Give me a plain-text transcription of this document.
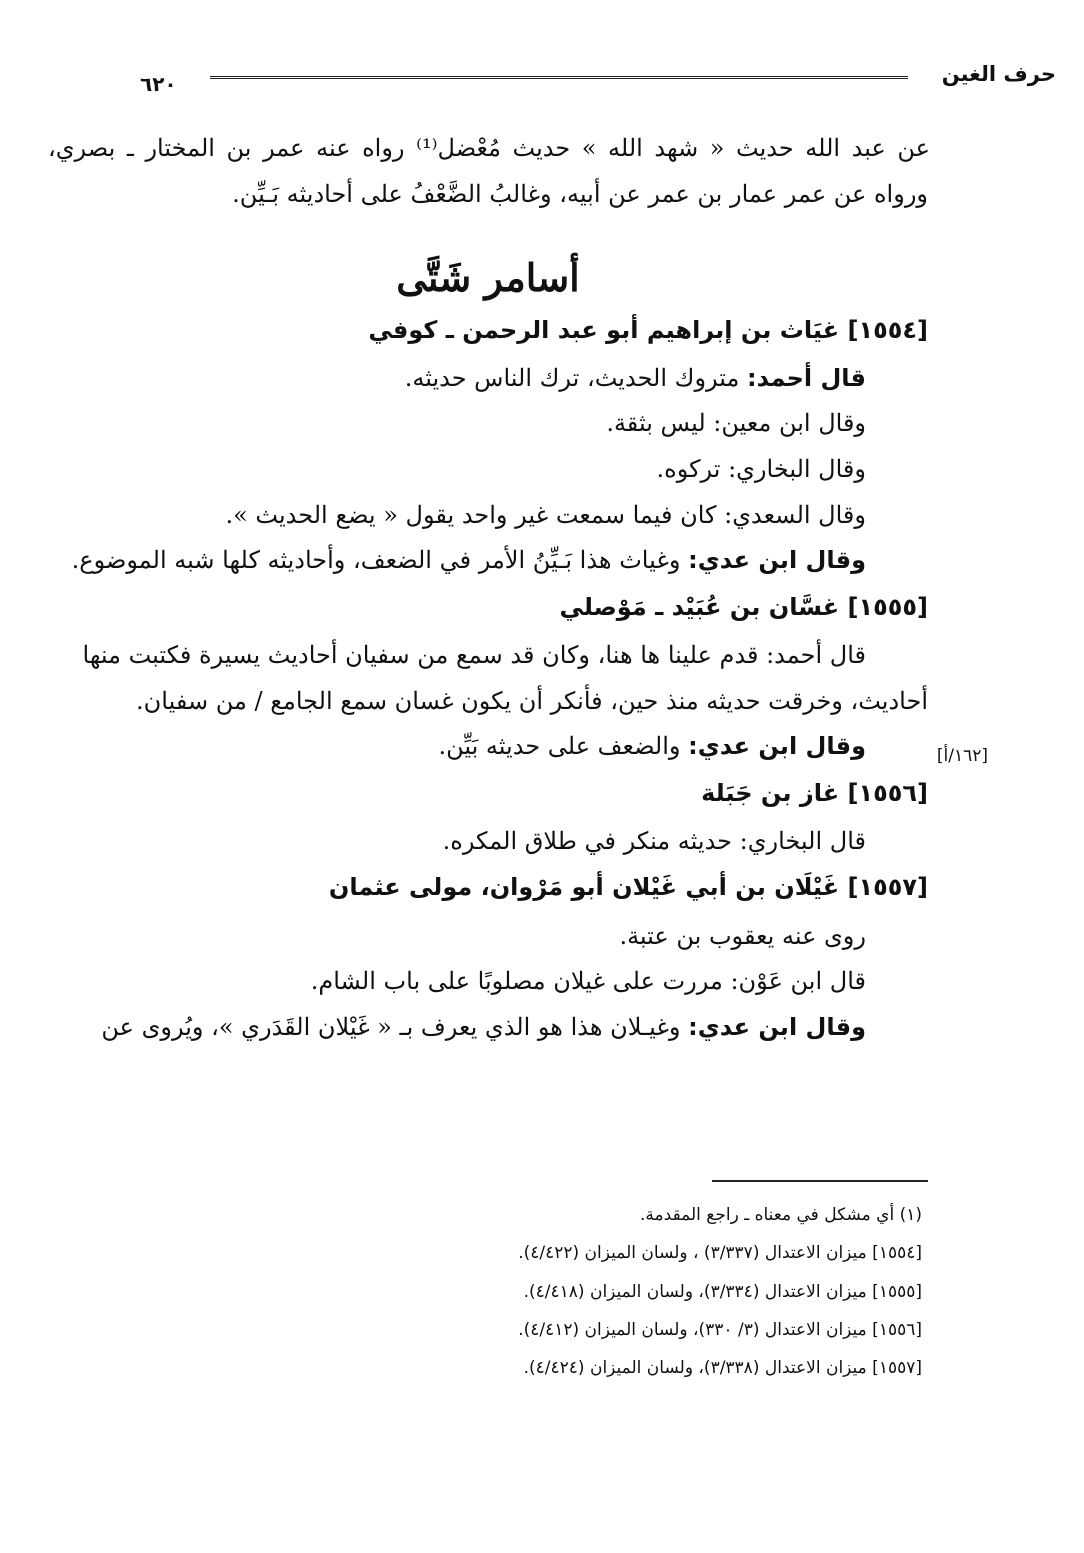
حرف الغين
٦٢٠

عن عبد الله حديث « شهد الله » حديث مُعْضل⁽¹⁾ رواه عنه عمر بن المختار ـ بصري،

ورواه عن عمر عمار بن عمر عن أبيه، وغالبُ الضَّعْفُ على أحاديثه بَـيِّن.

أسامر شَتَّى
[١٥٥٤] غيَاث بن إبراهيم أبو عبد الرحمن ـ كوفي

قال أحمد: متروك الحديث، ترك الناس حديثه.

وقال ابن معين: ليس بثقة.

وقال البخاري: تركوه.

وقال السعدي: كان فيما سمعت غير واحد يقول « يضع الحديث ».

وقال ابن عدي: وغياث هذا بَـيِّنُ الأمر في الضعف، وأحاديثه كلها شبه الموضوع.

[١٥٥٥] غسَّان بن عُبَيْد ـ مَوْصلي

قال أحمد: قدم علينا ها هنا، وكان قد سمع من سفيان أحاديث يسيرة فكتبت منها

أحاديث، وخرقت حديثه منذ حين، فأنكر أن يكون غسان سمع الجامع / من سفيان.

وقال ابن عدي: والضعف على حديثه بَيِّن.

[١٥٥٦] غاز بن جَبَلة

قال البخاري: حديثه منكر في طلاق المكره.

[١٥٥٧] غَيْلَان بن أبي غَيْلان أبو مَرْوان، مولى عثمان

روى عنه يعقوب بن عتبة.

قال ابن عَوْن: مررت على غيلان مصلوبًا على باب الشام.

وقال ابن عدي: وغيـلان هذا هو الذي يعرف بـ « غَيْلان القَدَري »، ويُروى عن

[١٦٢/أ]

(١) أي مشكل في معناه ـ راجع المقدمة.

[١٥٥٤] ميزان الاعتدال (٣/٣٣٧) ، ولسان الميزان (٤/٤٢٢).

[١٥٥٥] ميزان الاعتدال (٣/٣٣٤)، ولسان الميزان (٤/٤١٨).

[١٥٥٦] ميزان الاعتدال (٣/ ٣٣٠)، ولسان الميزان (٤/٤١٢).

[١٥٥٧] ميزان الاعتدال (٣/٣٣٨)، ولسان الميزان (٤/٤٢٤).
